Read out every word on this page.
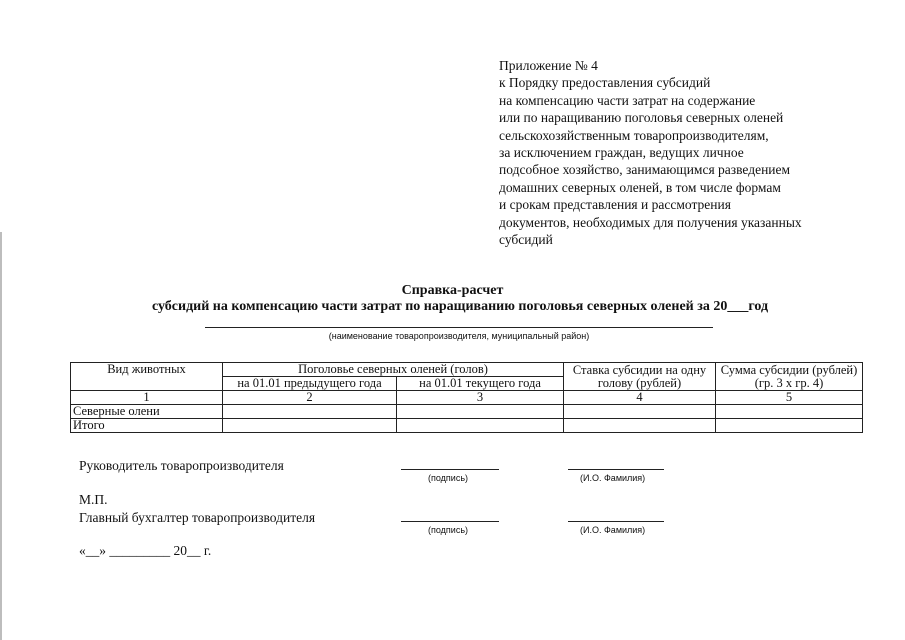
Приложение № 4
к Порядку предоставления субсидий
на компенсацию части затрат на содержание
или по наращиванию поголовья северных оленей
сельскохозяйственным товаропроизводителям,
за исключением граждан, ведущих личное
подсобное хозяйство, занимающимся разведением
домашних северных оленей, в том числе формам
и срокам представления и рассмотрения
документов, необходимых для получения указанных
субсидий
Справка-расчет
субсидий на компенсацию части затрат по наращиванию поголовья северных оленей за 20___год
(наименование товаропроизводителя, муниципальный район)
Вид животных	Поголовье северных оленей (голов)		Ставка субсидии на одну голову (рублей)	Сумма субсидии (рублей) (гр. 3 х гр. 4)
	на 01.01 предыдущего года	на 01.01 текущего года		
1	2	3	4	5
Северные олени				
Итого				
Руководитель товаропроизводителя
(подпись)	(И.О. Фамилия)
М.П.
Главный бухгалтер товаропроизводителя
(подпись)	(И.О. Фамилия)
«__» _________ 20__ г.
